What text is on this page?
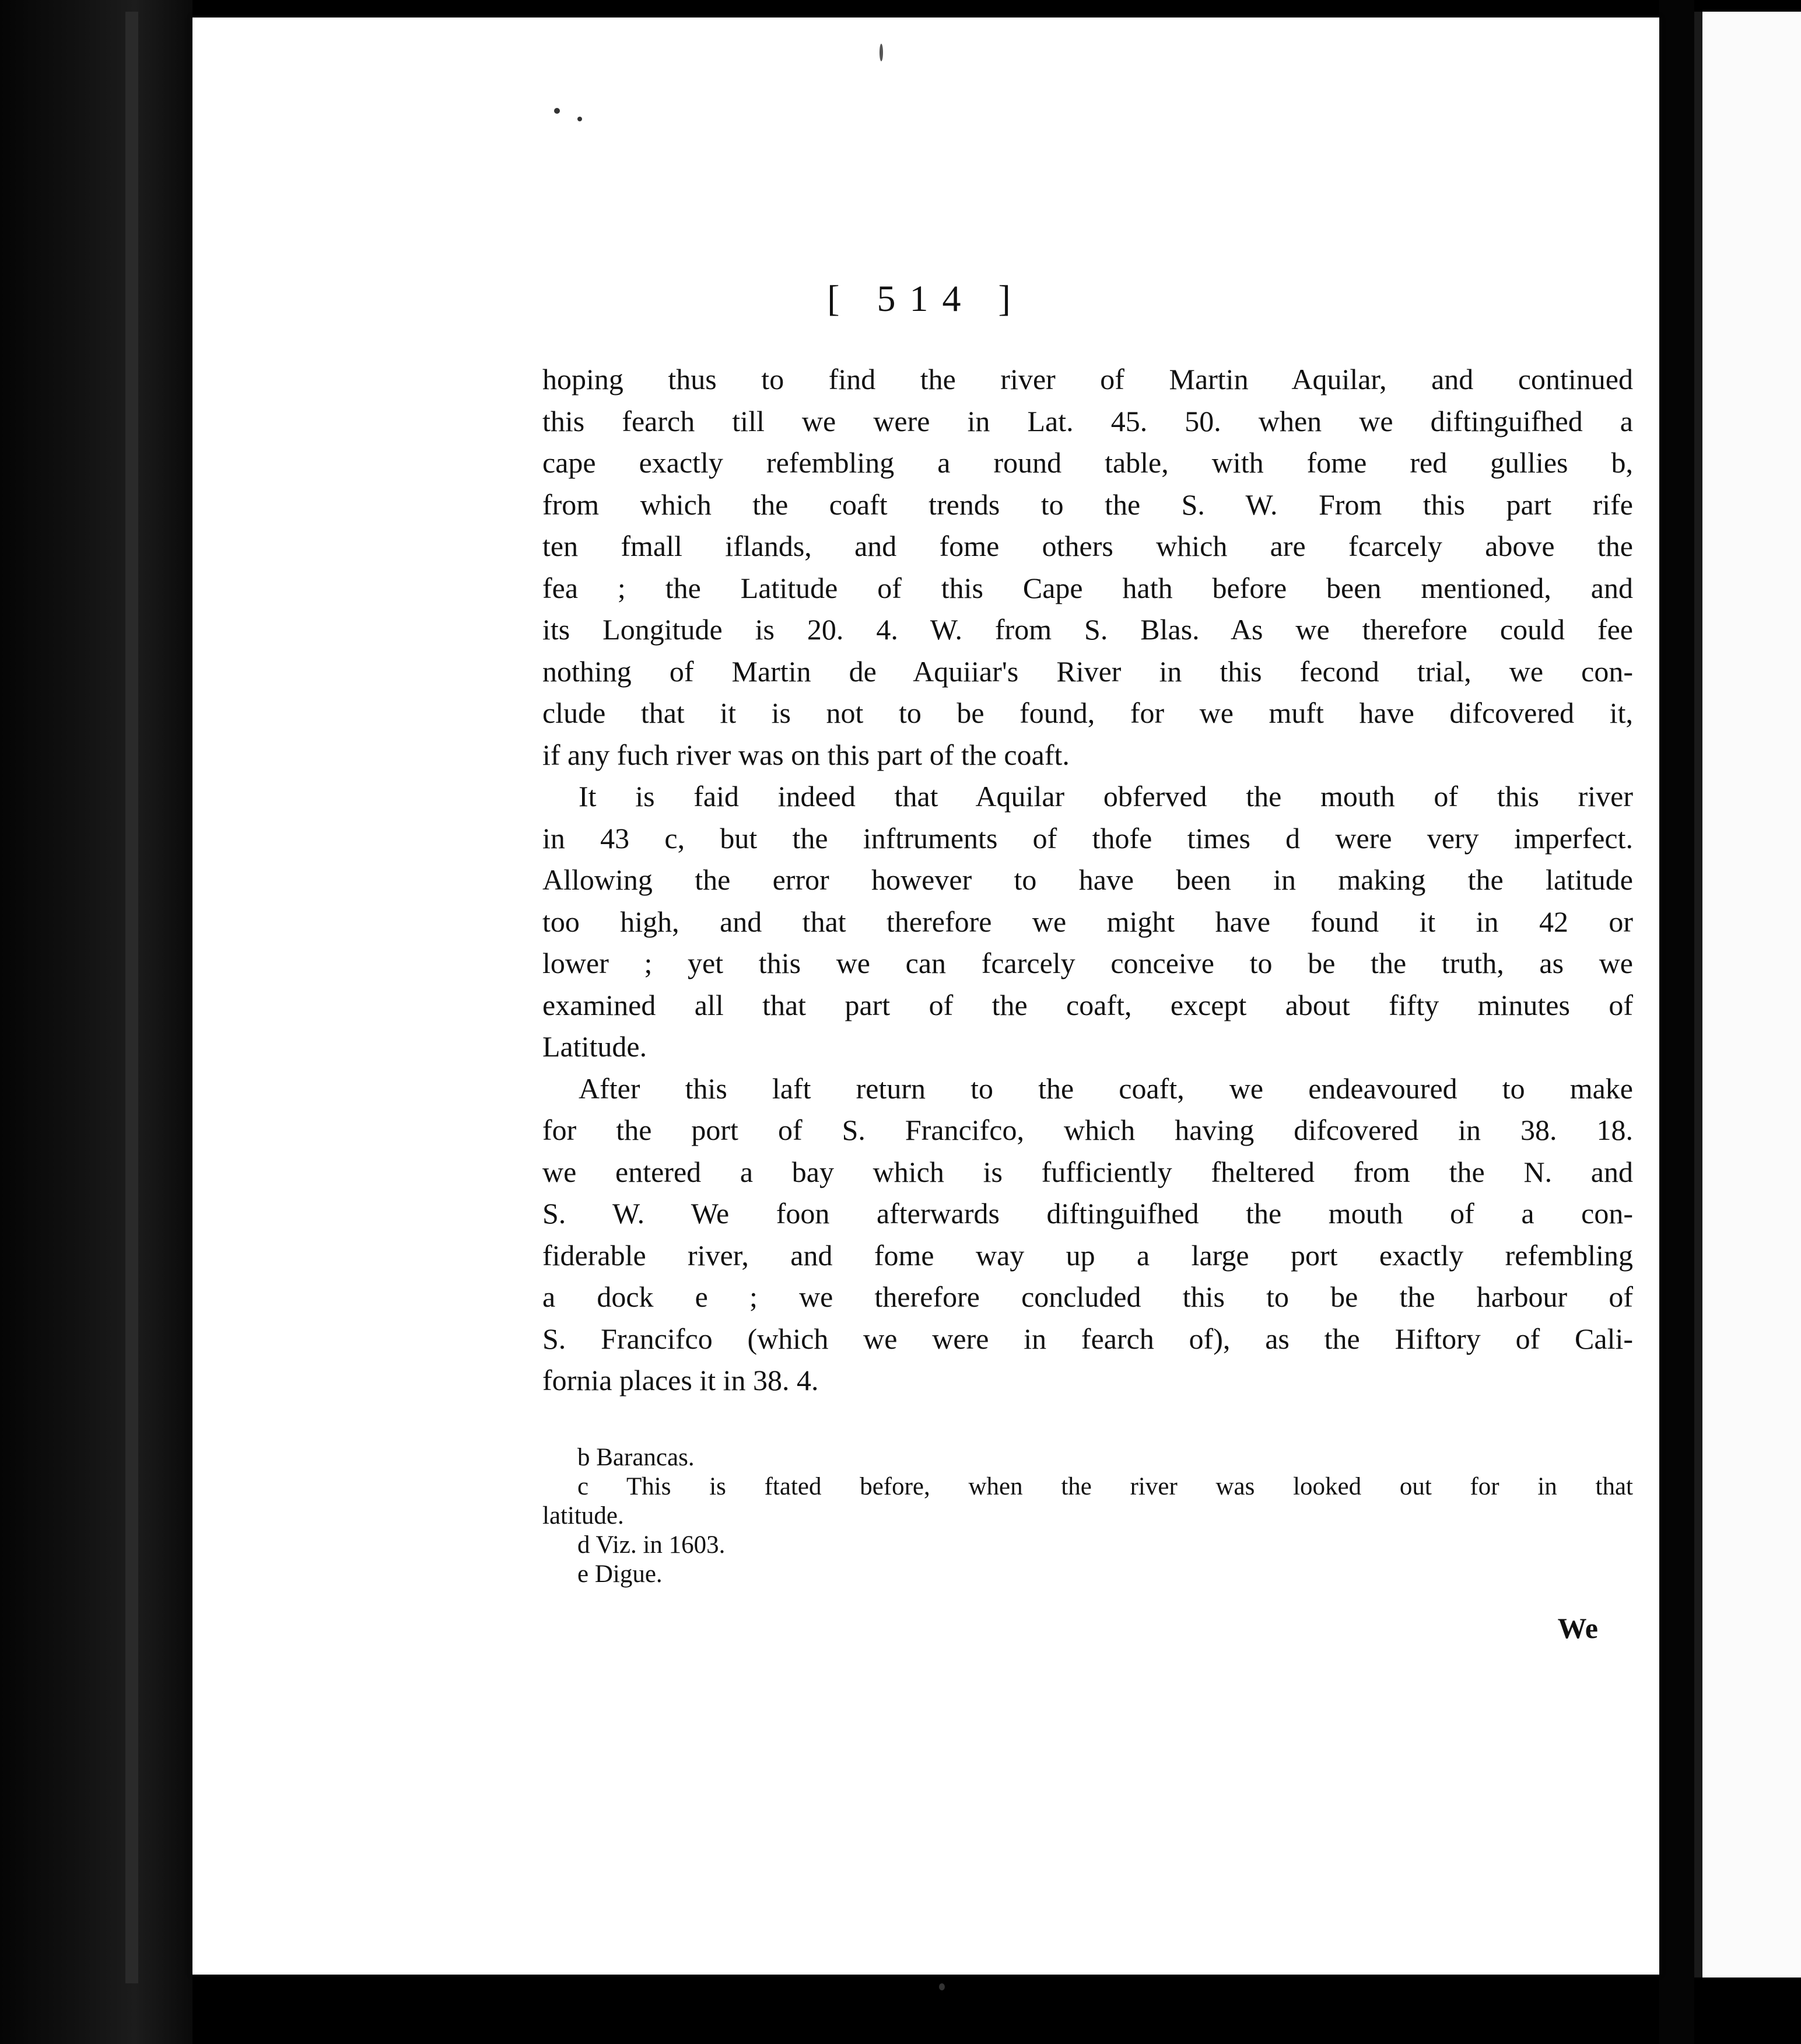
[ 514 ]
hoping thus to find the river of Martin Aquilar, and continued
this fearch till we were in Lat. 45. 50. when we diftinguifhed a
cape exactly refembling a round table, with fome red gullies b,
from which the coaft trends to the S. W. From this part rife
ten fmall iflands, and fome others which are fcarcely above the
fea ; the Latitude of this Cape hath before been mentioned, and
its Longitude is 20. 4. W. from S. Blas. As we therefore could fee
nothing of Martin de Aquiiar's River in this fecond trial, we con-
clude that it is not to be found, for we muft have difcovered it,
if any fuch river was on this part of the coaft.
It is faid indeed that Aquilar obferved the mouth of this river
in 43 c, but the inftruments of thofe times d were very imperfect.
Allowing the error however to have been in making the latitude
too high, and that therefore we might have found it in 42 or
lower ; yet this we can fcarcely conceive to be the truth, as we
examined all that part of the coaft, except about fifty minutes of
Latitude.
After this laft return to the coaft, we endeavoured to make
for the port of S. Francifco, which having difcovered in 38. 18.
we entered a bay which is fufficiently fheltered from the N. and
S. W. We foon afterwards diftinguifhed the mouth of a con-
fiderable river, and fome way up a large port exactly refembling
a dock e ; we therefore concluded this to be the harbour of
S. Francifco (which we were in fearch of), as the Hiftory of Cali-
fornia places it in 38. 4.
b Barancas.
c This is ftated before, when the river was looked out for in that
latitude.
d Viz. in 1603.
e Digue.
We
